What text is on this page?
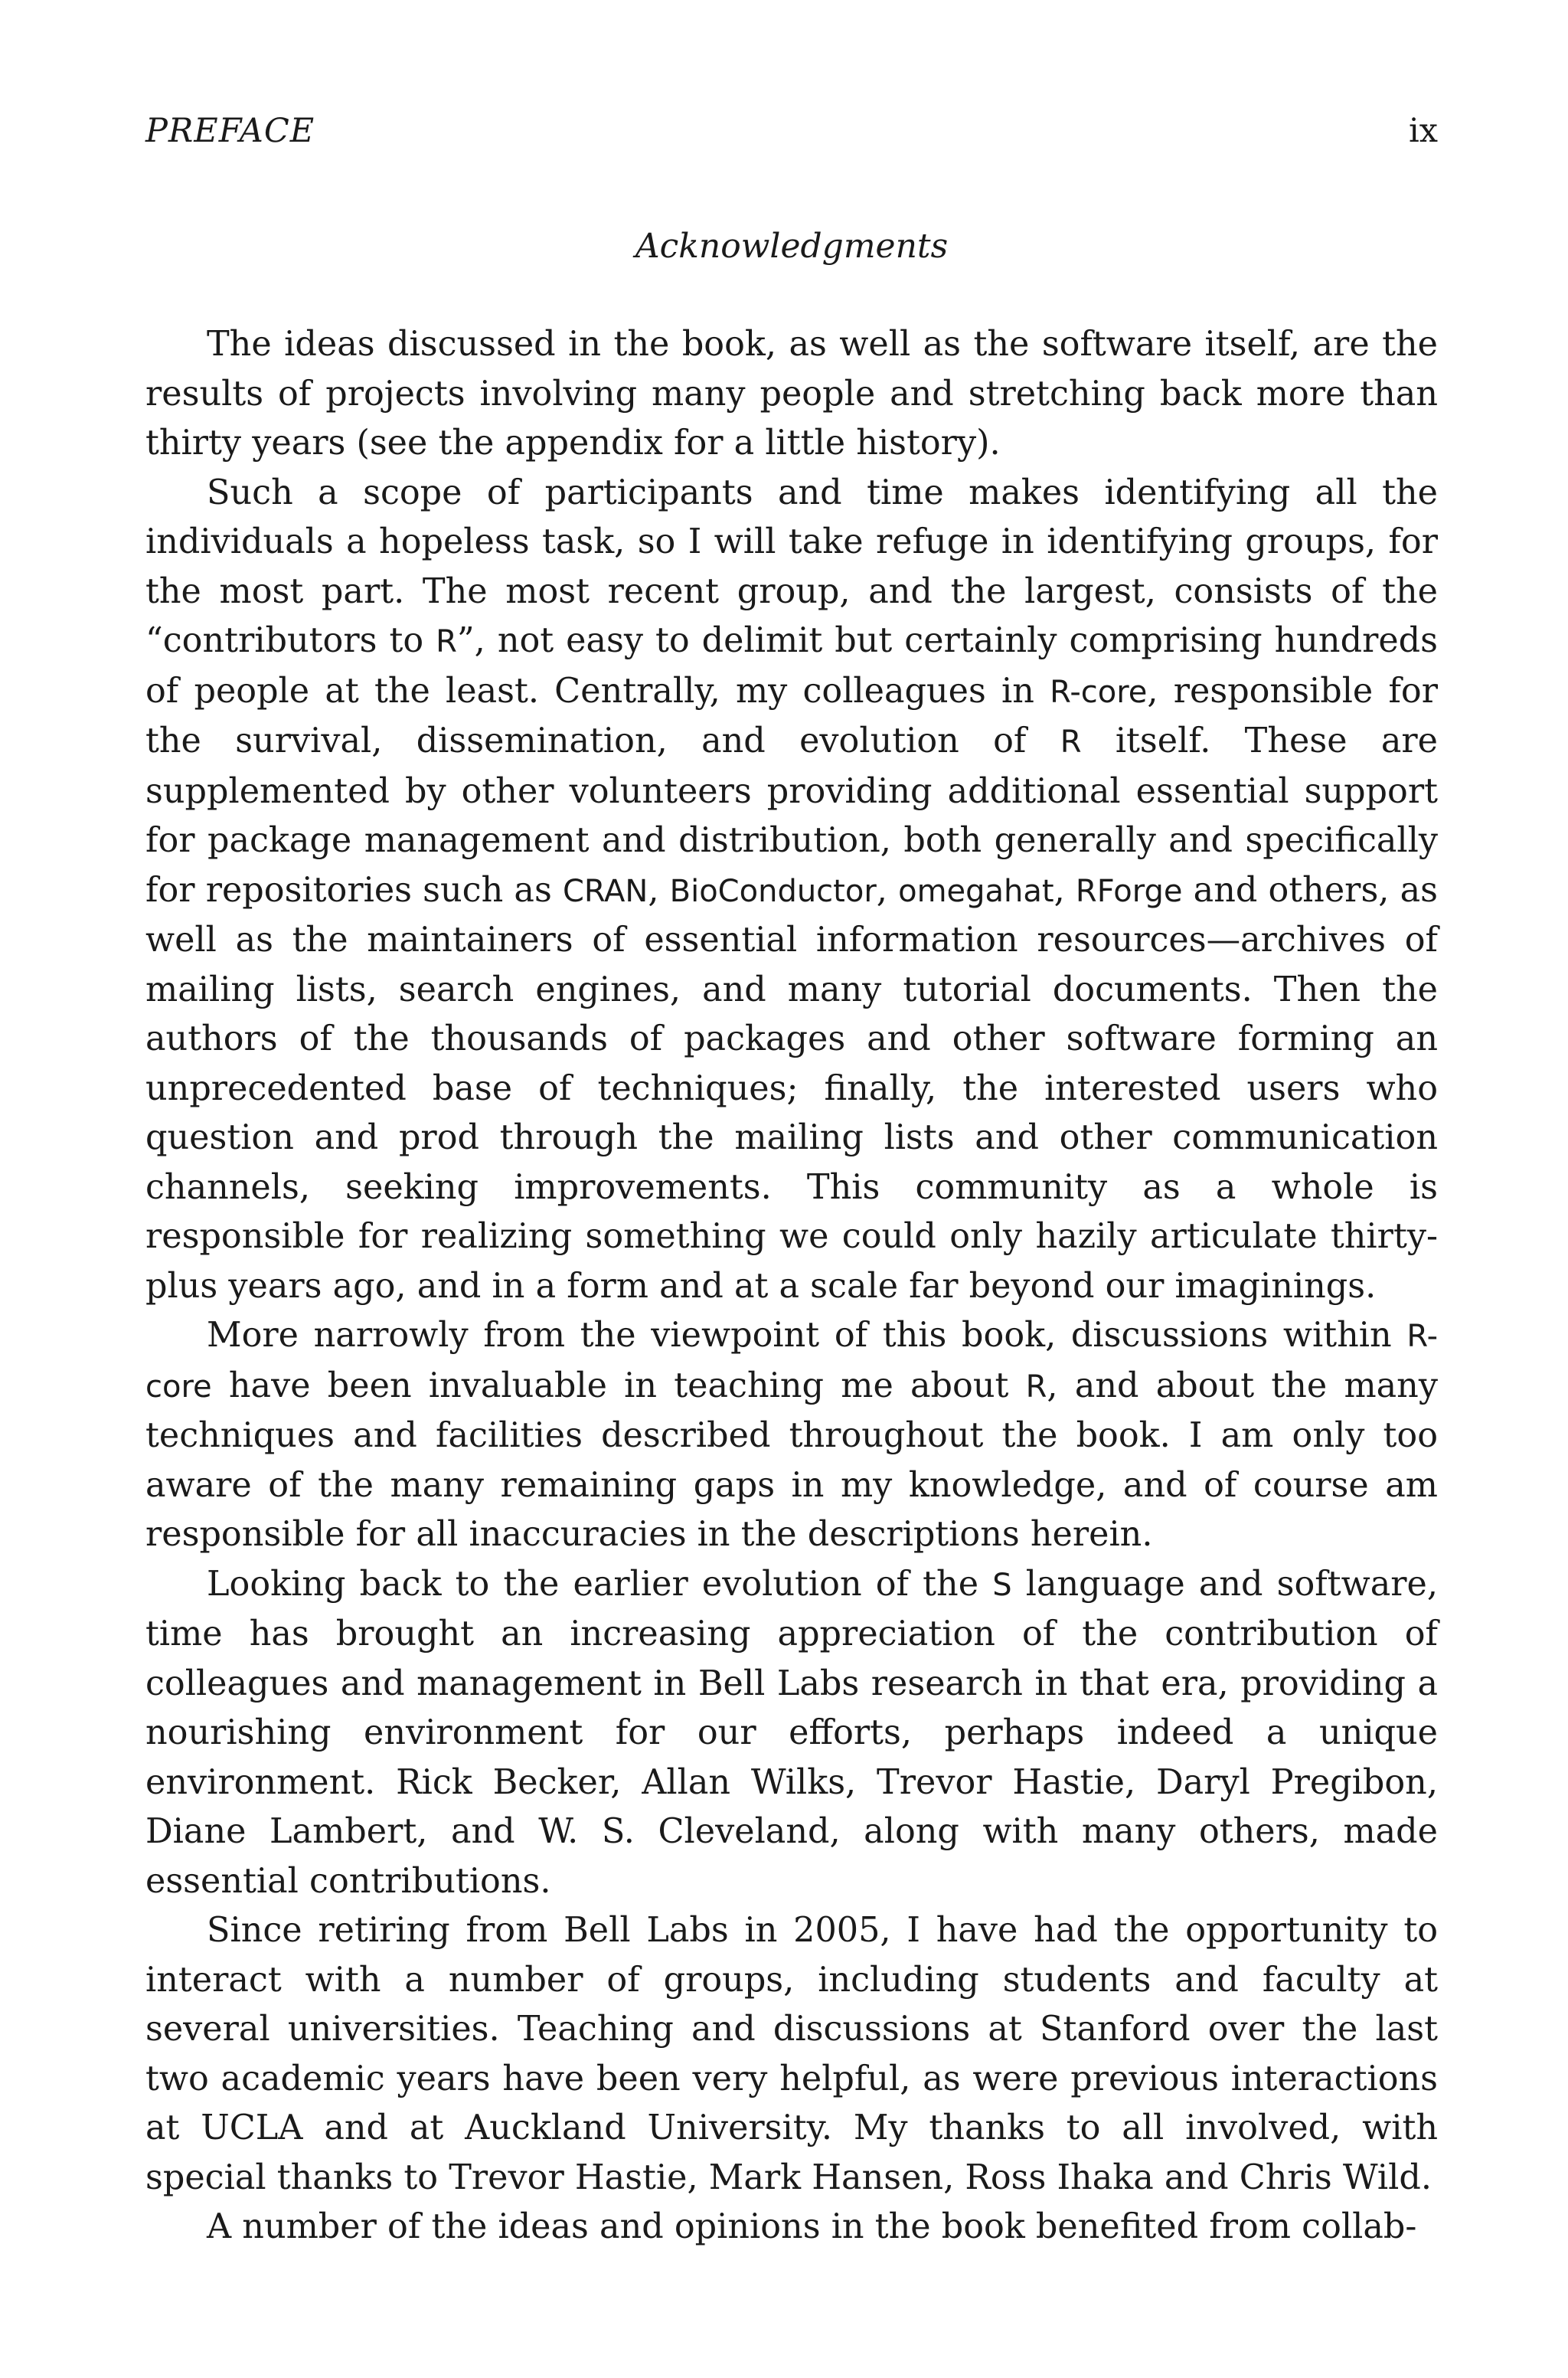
PREFACE	ix
Acknowledgments

The ideas discussed in the book, as well as the software itself, are the results of projects involving many people and stretching back more than thirty years (see the appendix for a little history).

Such a scope of participants and time makes identifying all the individuals a hopeless task, so I will take refuge in identifying groups, for the most part. The most recent group, and the largest, consists of the “contributors to R”, not easy to delimit but certainly comprising hundreds of people at the least. Centrally, my colleagues in R-core, responsible for the survival, dissemination, and evolution of R itself. These are supplemented by other volunteers providing additional essential support for package management and distribution, both generally and specifically for repositories such as CRAN, BioConductor, omegahat, RForge and others, as well as the maintainers of essential information resources—archives of mailing lists, search engines, and many tutorial documents. Then the authors of the thousands of packages and other software forming an unprecedented base of techniques; finally, the interested users who question and prod through the mailing lists and other communication channels, seeking improvements. This community as a whole is responsible for realizing something we could only hazily articulate thirty-plus years ago, and in a form and at a scale far beyond our imaginings.

More narrowly from the viewpoint of this book, discussions within R-core have been invaluable in teaching me about R, and about the many techniques and facilities described throughout the book. I am only too aware of the many remaining gaps in my knowledge, and of course am responsible for all inaccuracies in the descriptions herein.

Looking back to the earlier evolution of the S language and software, time has brought an increasing appreciation of the contribution of colleagues and management in Bell Labs research in that era, providing a nourishing environment for our efforts, perhaps indeed a unique environment. Rick Becker, Allan Wilks, Trevor Hastie, Daryl Pregibon, Diane Lambert, and W. S. Cleveland, along with many others, made essential contributions.

Since retiring from Bell Labs in 2005, I have had the opportunity to interact with a number of groups, including students and faculty at several universities. Teaching and discussions at Stanford over the last two academic years have been very helpful, as were previous interactions at UCLA and at Auckland University. My thanks to all involved, with special thanks to Trevor Hastie, Mark Hansen, Ross Ihaka and Chris Wild.

A number of the ideas and opinions in the book benefited from collab-
